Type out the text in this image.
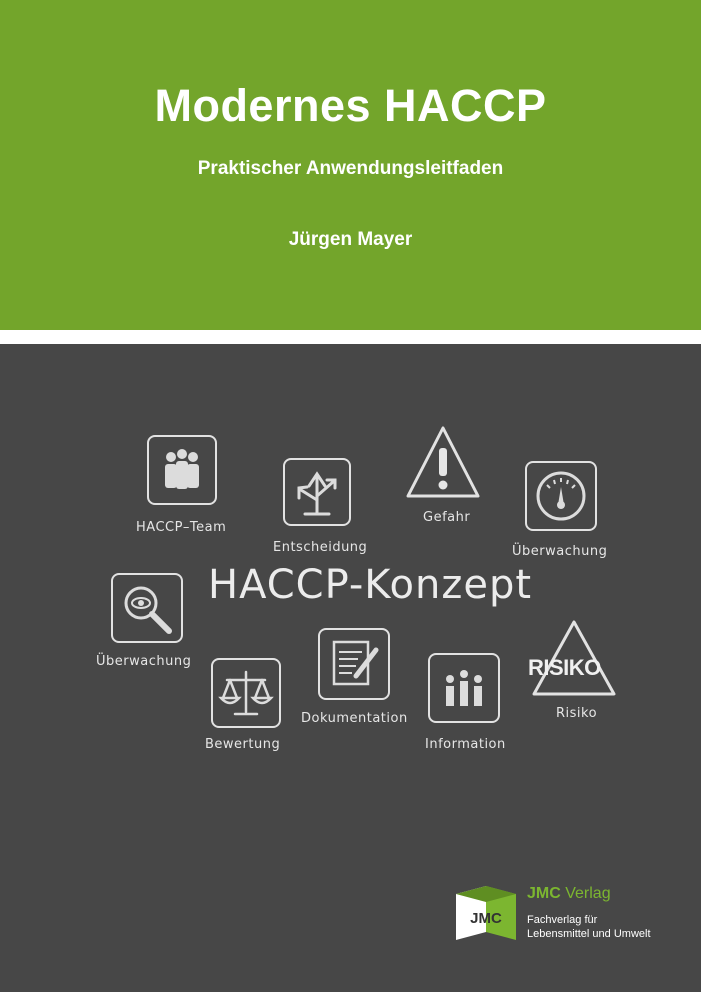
Modernes HACCP
Praktischer Anwendungsleitfaden
Jürgen Mayer
HACCP–Team
Entscheidung
Gefahr
Überwachung
HACCP-Konzept
Überwachung
Bewertung
Dokumentation
Information
RISIKO
Risiko
JMC
JMC Verlag
Fachverlag für
Lebensmittel und Umwelt
